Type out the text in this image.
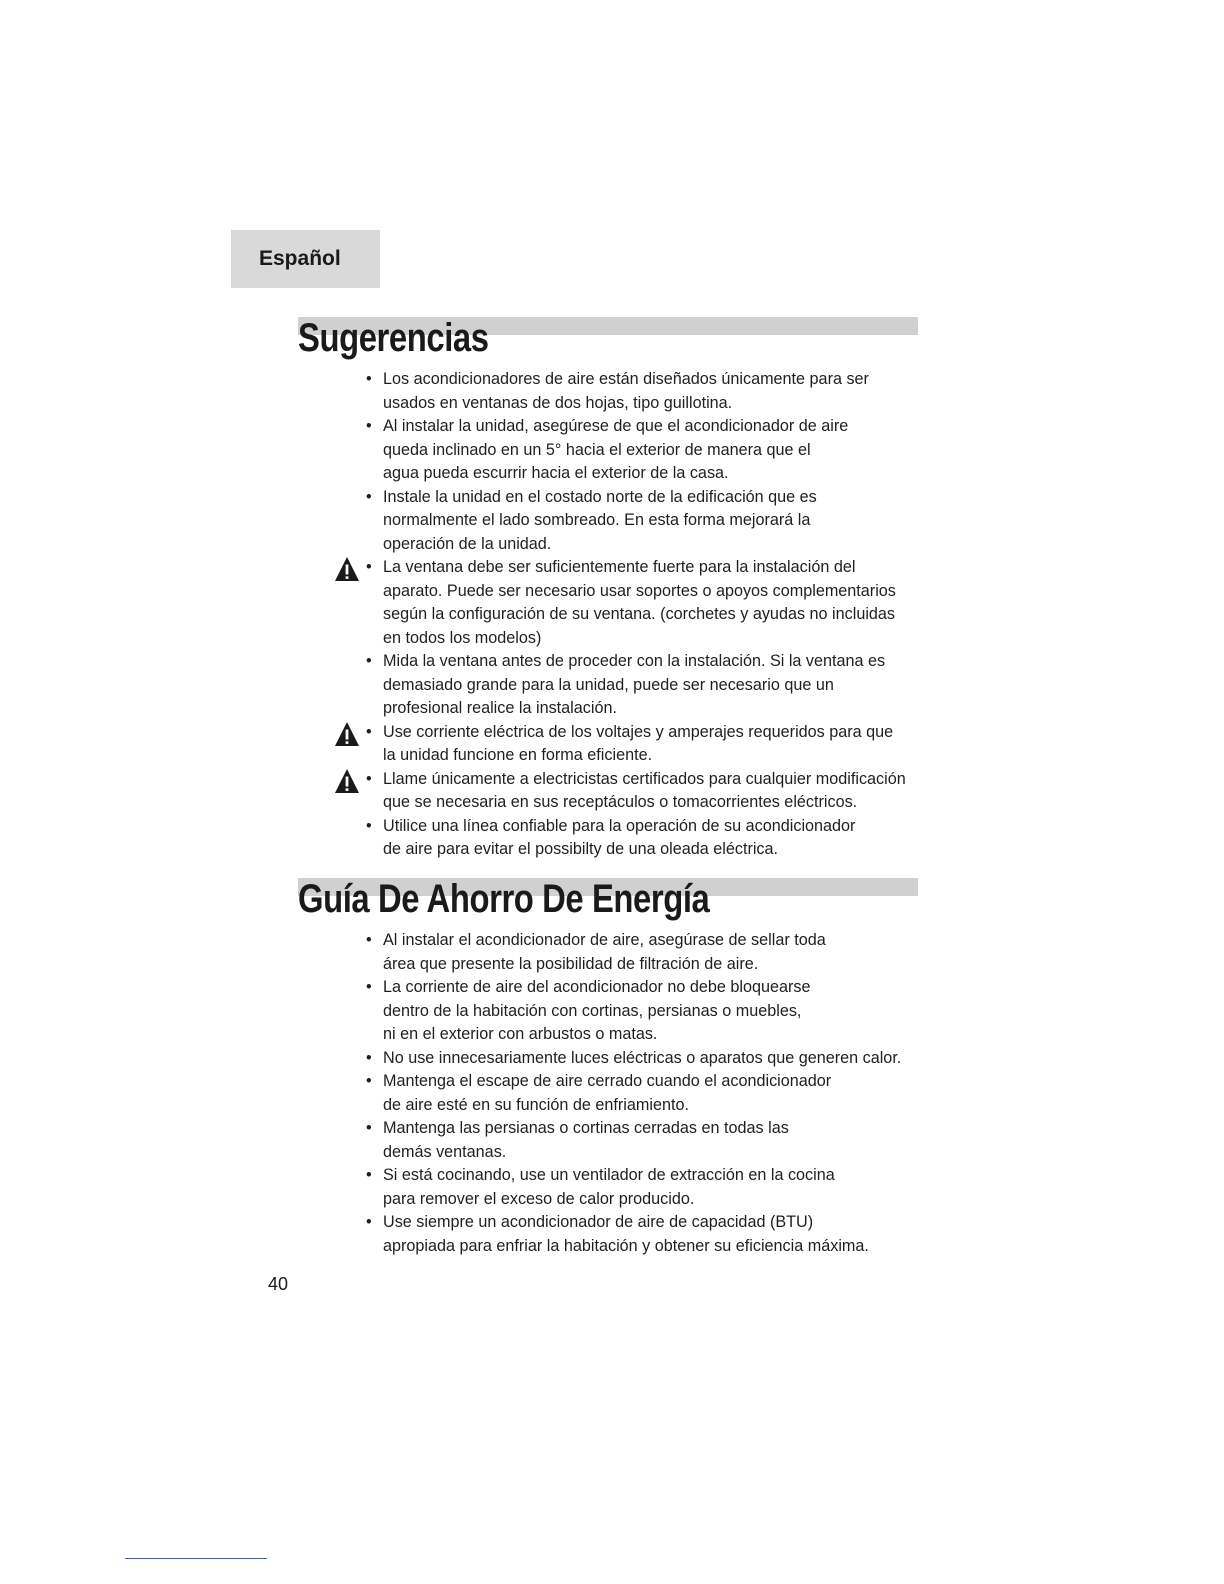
Español
Sugerencias
• Los acondicionadores de aire están diseñados únicamente para ser
usados en ventanas de dos hojas, tipo guillotina.
• Al instalar la unidad, asegúrese de que el acondicionador de aire
queda inclinado en un 5° hacia el exterior de manera que el
agua pueda escurrir hacia el exterior de la casa.
• Instale la unidad en el costado norte de la edificación que es
normalmente el lado sombreado. En esta forma mejorará la
operación de la unidad.
• La ventana debe ser suficientemente fuerte para la instalación del
aparato. Puede ser necesario usar soportes o apoyos complementarios
según la configuración de su ventana. (corchetes y ayudas no incluidas
en todos los modelos)
• Mida la ventana antes de proceder con la instalación. Si la ventana es
demasiado grande para la unidad, puede ser necesario que un
profesional realice la instalación.
• Use corriente eléctrica de los voltajes y amperajes requeridos para que
la unidad funcione en forma eficiente.
• Llame únicamente a electricistas certificados para cualquier modificación
que se necesaria en sus receptáculos o tomacorrientes eléctricos.
• Utilice una línea confiable para la operación de su acondicionador
de aire para evitar el possibilty de una oleada eléctrica.
Guía De Ahorro De Energía
• Al instalar el acondicionador de aire, asegúrase de sellar toda
área que presente la posibilidad de filtración de aire.
• La corriente de aire del acondicionador no debe bloquearse
dentro de la habitación con cortinas, persianas o muebles,
ni en el exterior con arbustos o matas.
• No use innecesariamente luces eléctricas o aparatos que generen calor.
• Mantenga el escape de aire cerrado cuando el acondicionador
de aire esté en su función de enfriamiento.
• Mantenga las persianas o cortinas cerradas en todas las
demás ventanas.
• Si está cocinando, use un ventilador de extracción en la cocina
para remover el exceso de calor producido.
• Use siempre un acondicionador de aire de capacidad (BTU)
apropiada para enfriar la habitación y obtener su eficiencia máxima.
40
